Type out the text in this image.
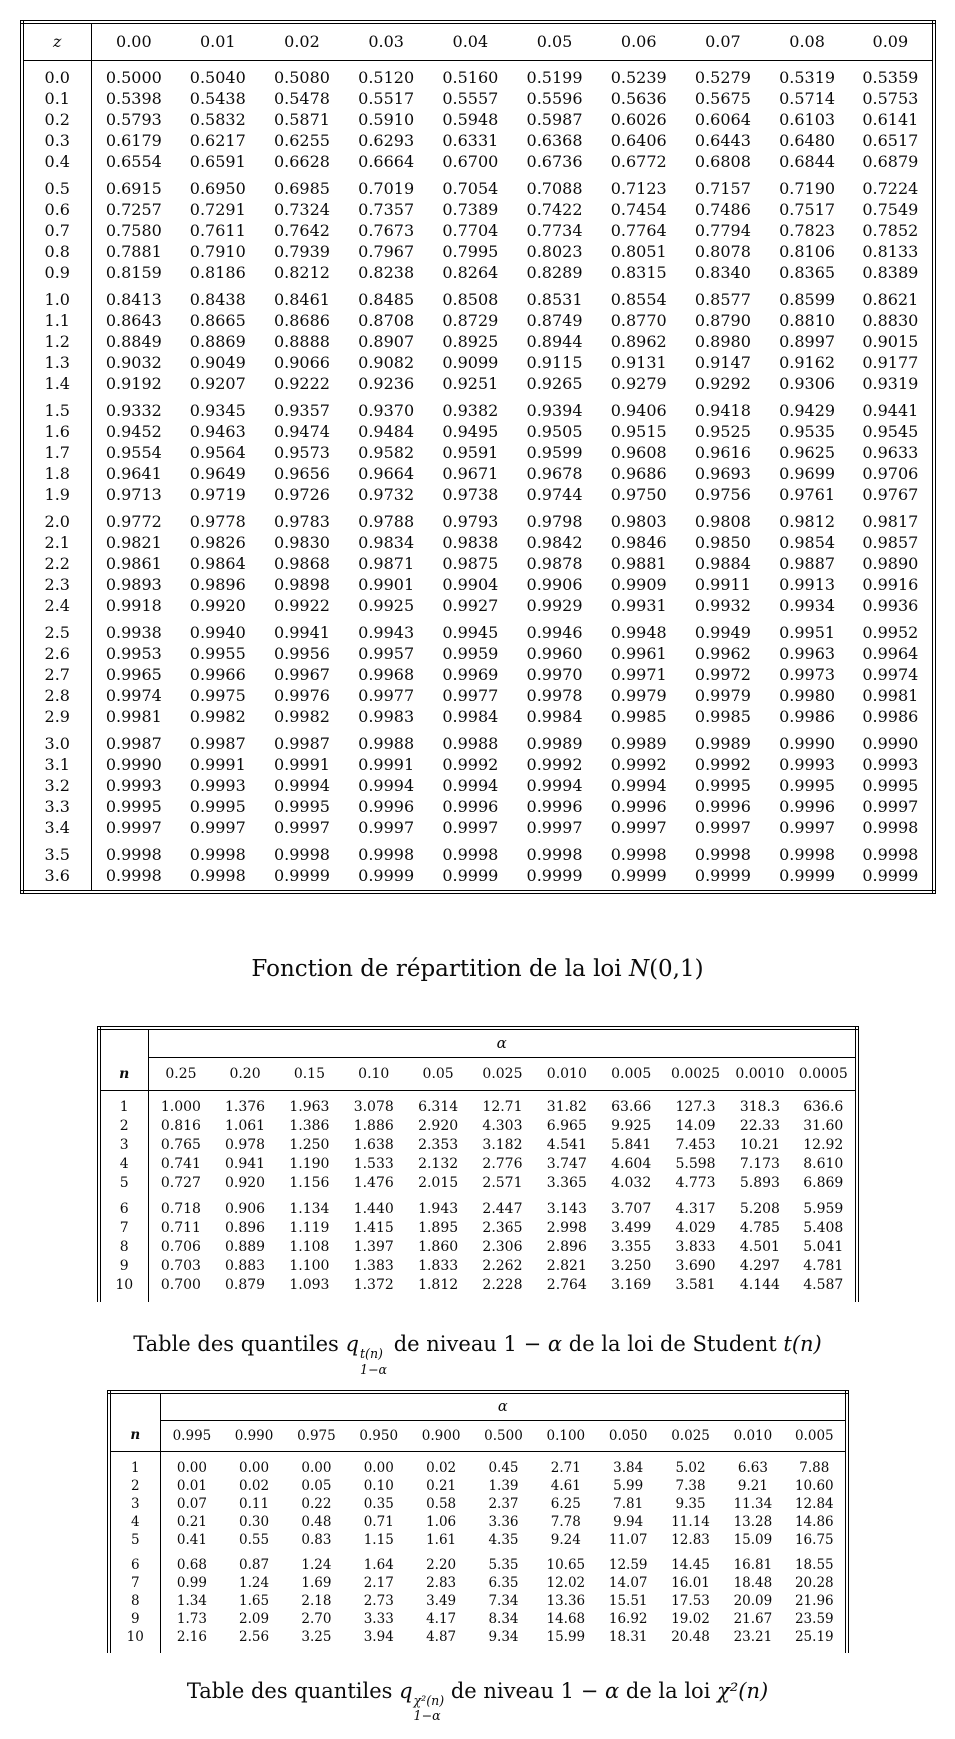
z	0.00	0.01	0.02	0.03	0.04	0.05	0.06	0.07	0.08	0.09
0.0	0.5000	0.5040	0.5080	0.5120	0.5160	0.5199	0.5239	0.5279	0.5319	0.5359
0.1	0.5398	0.5438	0.5478	0.5517	0.5557	0.5596	0.5636	0.5675	0.5714	0.5753
0.2	0.5793	0.5832	0.5871	0.5910	0.5948	0.5987	0.6026	0.6064	0.6103	0.6141
0.3	0.6179	0.6217	0.6255	0.6293	0.6331	0.6368	0.6406	0.6443	0.6480	0.6517
0.4	0.6554	0.6591	0.6628	0.6664	0.6700	0.6736	0.6772	0.6808	0.6844	0.6879
0.5	0.6915	0.6950	0.6985	0.7019	0.7054	0.7088	0.7123	0.7157	0.7190	0.7224
0.6	0.7257	0.7291	0.7324	0.7357	0.7389	0.7422	0.7454	0.7486	0.7517	0.7549
0.7	0.7580	0.7611	0.7642	0.7673	0.7704	0.7734	0.7764	0.7794	0.7823	0.7852
0.8	0.7881	0.7910	0.7939	0.7967	0.7995	0.8023	0.8051	0.8078	0.8106	0.8133
0.9	0.8159	0.8186	0.8212	0.8238	0.8264	0.8289	0.8315	0.8340	0.8365	0.8389
1.0	0.8413	0.8438	0.8461	0.8485	0.8508	0.8531	0.8554	0.8577	0.8599	0.8621
1.1	0.8643	0.8665	0.8686	0.8708	0.8729	0.8749	0.8770	0.8790	0.8810	0.8830
1.2	0.8849	0.8869	0.8888	0.8907	0.8925	0.8944	0.8962	0.8980	0.8997	0.9015
1.3	0.9032	0.9049	0.9066	0.9082	0.9099	0.9115	0.9131	0.9147	0.9162	0.9177
1.4	0.9192	0.9207	0.9222	0.9236	0.9251	0.9265	0.9279	0.9292	0.9306	0.9319
1.5	0.9332	0.9345	0.9357	0.9370	0.9382	0.9394	0.9406	0.9418	0.9429	0.9441
1.6	0.9452	0.9463	0.9474	0.9484	0.9495	0.9505	0.9515	0.9525	0.9535	0.9545
1.7	0.9554	0.9564	0.9573	0.9582	0.9591	0.9599	0.9608	0.9616	0.9625	0.9633
1.8	0.9641	0.9649	0.9656	0.9664	0.9671	0.9678	0.9686	0.9693	0.9699	0.9706
1.9	0.9713	0.9719	0.9726	0.9732	0.9738	0.9744	0.9750	0.9756	0.9761	0.9767
2.0	0.9772	0.9778	0.9783	0.9788	0.9793	0.9798	0.9803	0.9808	0.9812	0.9817
2.1	0.9821	0.9826	0.9830	0.9834	0.9838	0.9842	0.9846	0.9850	0.9854	0.9857
2.2	0.9861	0.9864	0.9868	0.9871	0.9875	0.9878	0.9881	0.9884	0.9887	0.9890
2.3	0.9893	0.9896	0.9898	0.9901	0.9904	0.9906	0.9909	0.9911	0.9913	0.9916
2.4	0.9918	0.9920	0.9922	0.9925	0.9927	0.9929	0.9931	0.9932	0.9934	0.9936
2.5	0.9938	0.9940	0.9941	0.9943	0.9945	0.9946	0.9948	0.9949	0.9951	0.9952
2.6	0.9953	0.9955	0.9956	0.9957	0.9959	0.9960	0.9961	0.9962	0.9963	0.9964
2.7	0.9965	0.9966	0.9967	0.9968	0.9969	0.9970	0.9971	0.9972	0.9973	0.9974
2.8	0.9974	0.9975	0.9976	0.9977	0.9977	0.9978	0.9979	0.9979	0.9980	0.9981
2.9	0.9981	0.9982	0.9982	0.9983	0.9984	0.9984	0.9985	0.9985	0.9986	0.9986
3.0	0.9987	0.9987	0.9987	0.9988	0.9988	0.9989	0.9989	0.9989	0.9990	0.9990
3.1	0.9990	0.9991	0.9991	0.9991	0.9992	0.9992	0.9992	0.9992	0.9993	0.9993
3.2	0.9993	0.9993	0.9994	0.9994	0.9994	0.9994	0.9994	0.9995	0.9995	0.9995
3.3	0.9995	0.9995	0.9995	0.9996	0.9996	0.9996	0.9996	0.9996	0.9996	0.9997
3.4	0.9997	0.9997	0.9997	0.9997	0.9997	0.9997	0.9997	0.9997	0.9997	0.9998
3.5	0.9998	0.9998	0.9998	0.9998	0.9998	0.9998	0.9998	0.9998	0.9998	0.9998
3.6	0.9998	0.9998	0.9999	0.9999	0.9999	0.9999	0.9999	0.9999	0.9999	0.9999
Fonction de répartition de la loi N(0,1)
	α										
n	0.25	0.20	0.15	0.10	0.05	0.025	0.010	0.005	0.0025	0.0010	0.0005
1	1.000	1.376	1.963	3.078	6.314	12.71	31.82	63.66	127.3	318.3	636.6
2	0.816	1.061	1.386	1.886	2.920	4.303	6.965	9.925	14.09	22.33	31.60
3	0.765	0.978	1.250	1.638	2.353	3.182	4.541	5.841	7.453	10.21	12.92
4	0.741	0.941	1.190	1.533	2.132	2.776	3.747	4.604	5.598	7.173	8.610
5	0.727	0.920	1.156	1.476	2.015	2.571	3.365	4.032	4.773	5.893	6.869
6	0.718	0.906	1.134	1.440	1.943	2.447	3.143	3.707	4.317	5.208	5.959
7	0.711	0.896	1.119	1.415	1.895	2.365	2.998	3.499	4.029	4.785	5.408
8	0.706	0.889	1.108	1.397	1.860	2.306	2.896	3.355	3.833	4.501	5.041
9	0.703	0.883	1.100	1.383	1.833	2.262	2.821	3.250	3.690	4.297	4.781
10	0.700	0.879	1.093	1.372	1.812	2.228	2.764	3.169	3.581	4.144	4.587
Table des quantiles q t(n)
1−α
de niveau 1 − α de la loi de Student t(n)
	α										
n	0.995	0.990	0.975	0.950	0.900	0.500	0.100	0.050	0.025	0.010	0.005
1	0.00	0.00	0.00	0.00	0.02	0.45	2.71	3.84	5.02	6.63	7.88
2	0.01	0.02	0.05	0.10	0.21	1.39	4.61	5.99	7.38	9.21	10.60
3	0.07	0.11	0.22	0.35	0.58	2.37	6.25	7.81	9.35	11.34	12.84
4	0.21	0.30	0.48	0.71	1.06	3.36	7.78	9.94	11.14	13.28	14.86
5	0.41	0.55	0.83	1.15	1.61	4.35	9.24	11.07	12.83	15.09	16.75
6	0.68	0.87	1.24	1.64	2.20	5.35	10.65	12.59	14.45	16.81	18.55
7	0.99	1.24	1.69	2.17	2.83	6.35	12.02	14.07	16.01	18.48	20.28
8	1.34	1.65	2.18	2.73	3.49	7.34	13.36	15.51	17.53	20.09	21.96
9	1.73	2.09	2.70	3.33	4.17	8.34	14.68	16.92	19.02	21.67	23.59
10	2.16	2.56	3.25	3.94	4.87	9.34	15.99	18.31	20.48	23.21	25.19
Table des quantiles q χ²(n)
1−α
de niveau 1 − α de la loi χ²(n)
